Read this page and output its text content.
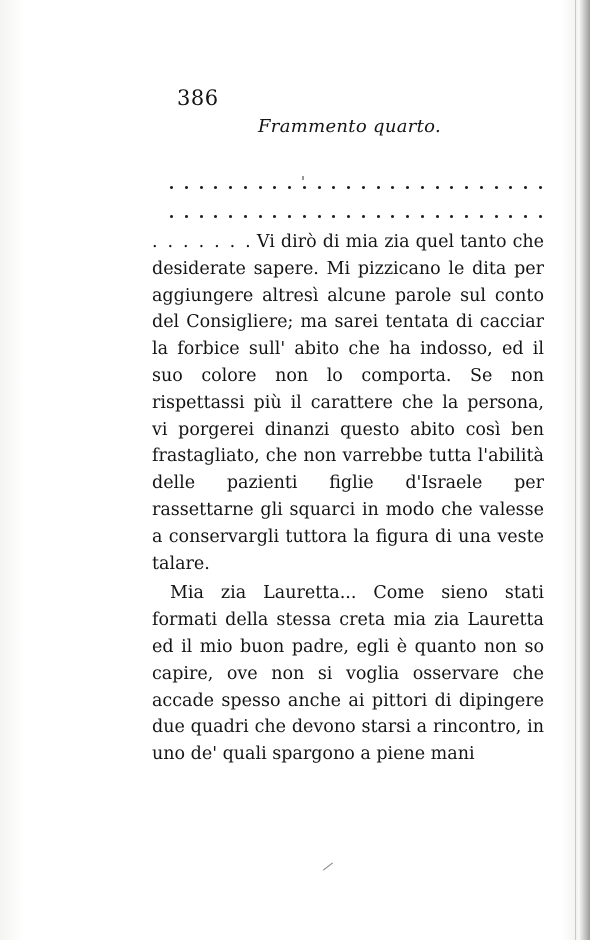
386
Frammento quarto.

. . . . . . . Vi dirò di mia zia quel tanto che desiderate sapere. Mi pizzicano le dita per aggiungere altresì alcune parole sul conto del Consigliere; ma sarei tentata di cacciar la forbice sull' abito che ha indosso, ed il suo colore non lo comporta. Se non rispettassi più il carattere che la persona, vi porgerei dinanzi questo abito così ben frastagliato, che non varrebbe tutta l'abilità delle pazienti figlie d'Israele per rassettarne gli squarci in modo che valesse a conservargli tuttora la figura di una veste talare.

Mia zia Lauretta... Come sieno stati formati della stessa creta mia zia Lauretta ed il mio buon padre, egli è quanto non so capire, ove non si voglia osservare che accade spesso anche ai pittori di dipingere due quadri che devono starsi a rincontro, in uno de' quali spargono a piene mani
